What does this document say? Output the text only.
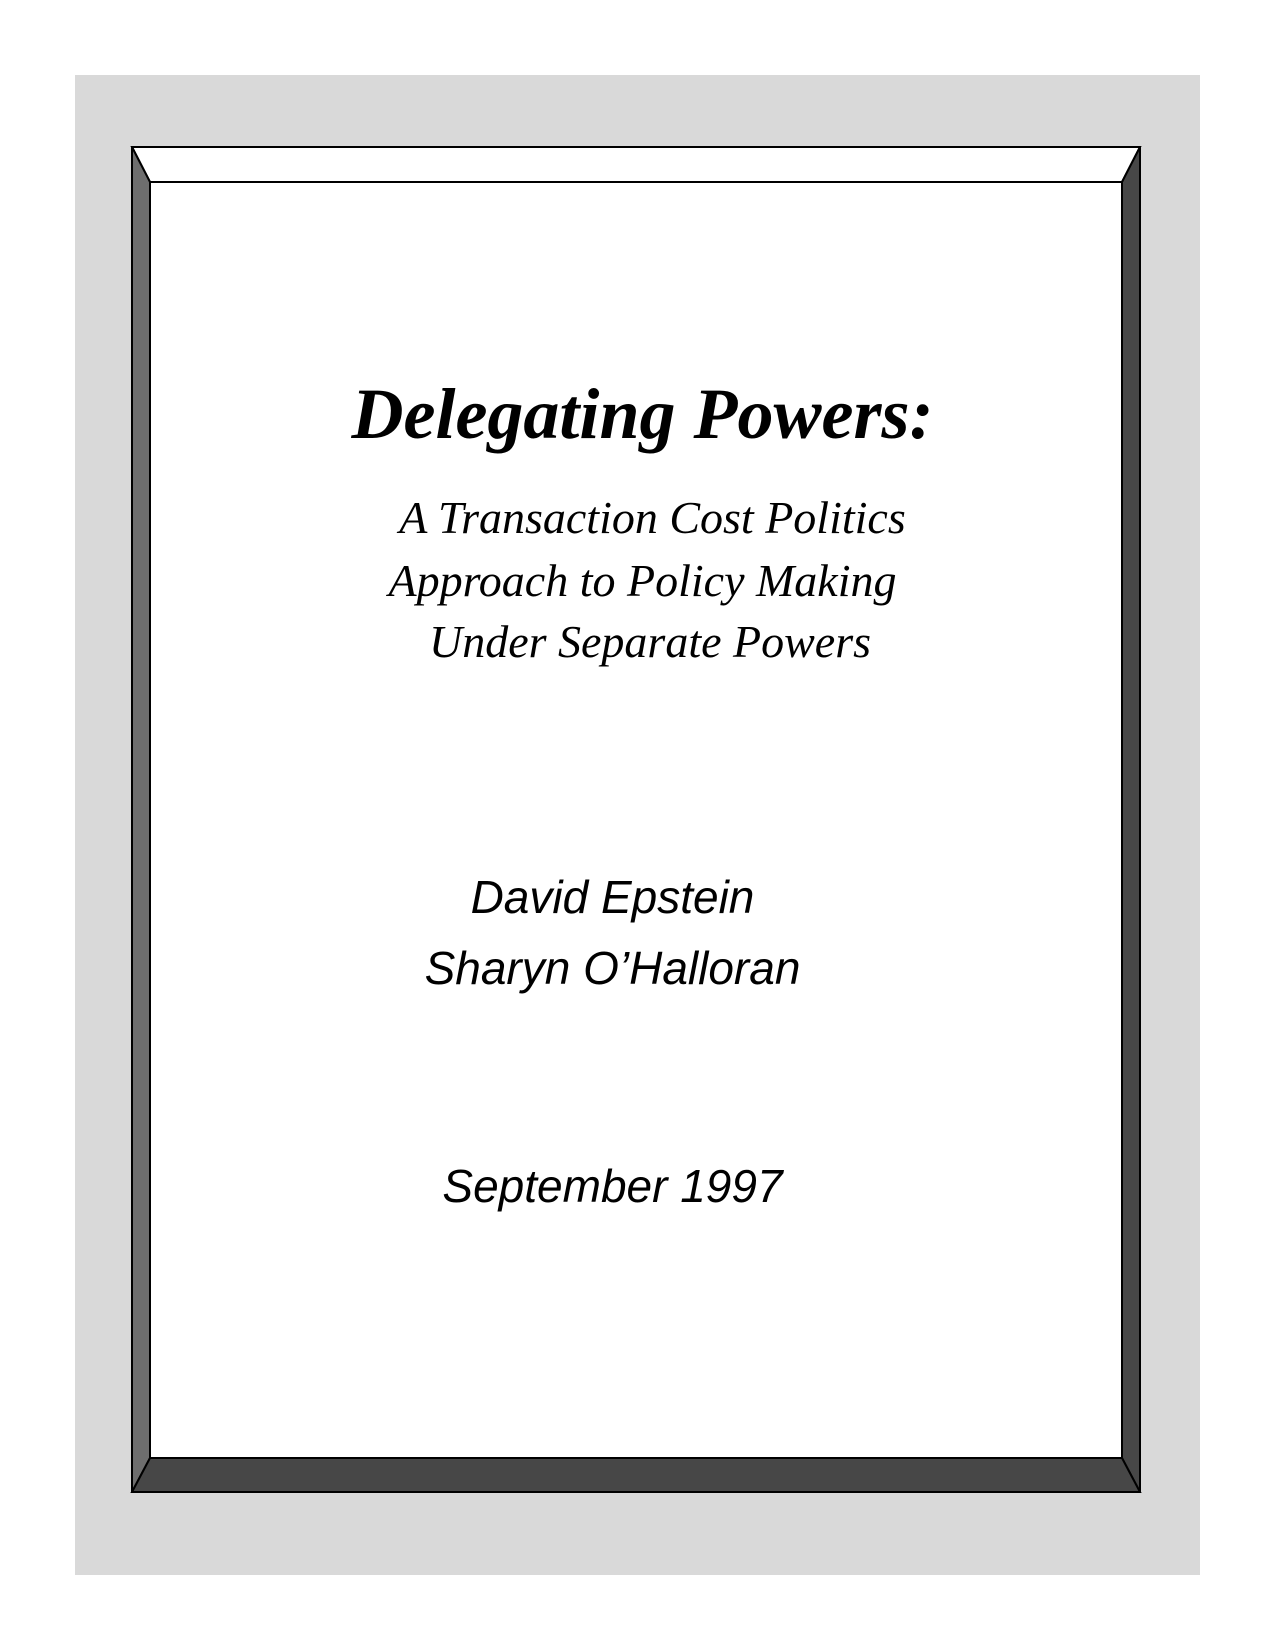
Delegating Powers:

A Transaction Cost Politics

Approach to Policy Making

Under Separate Powers

David Epstein

Sharyn O’Halloran

September 1997
